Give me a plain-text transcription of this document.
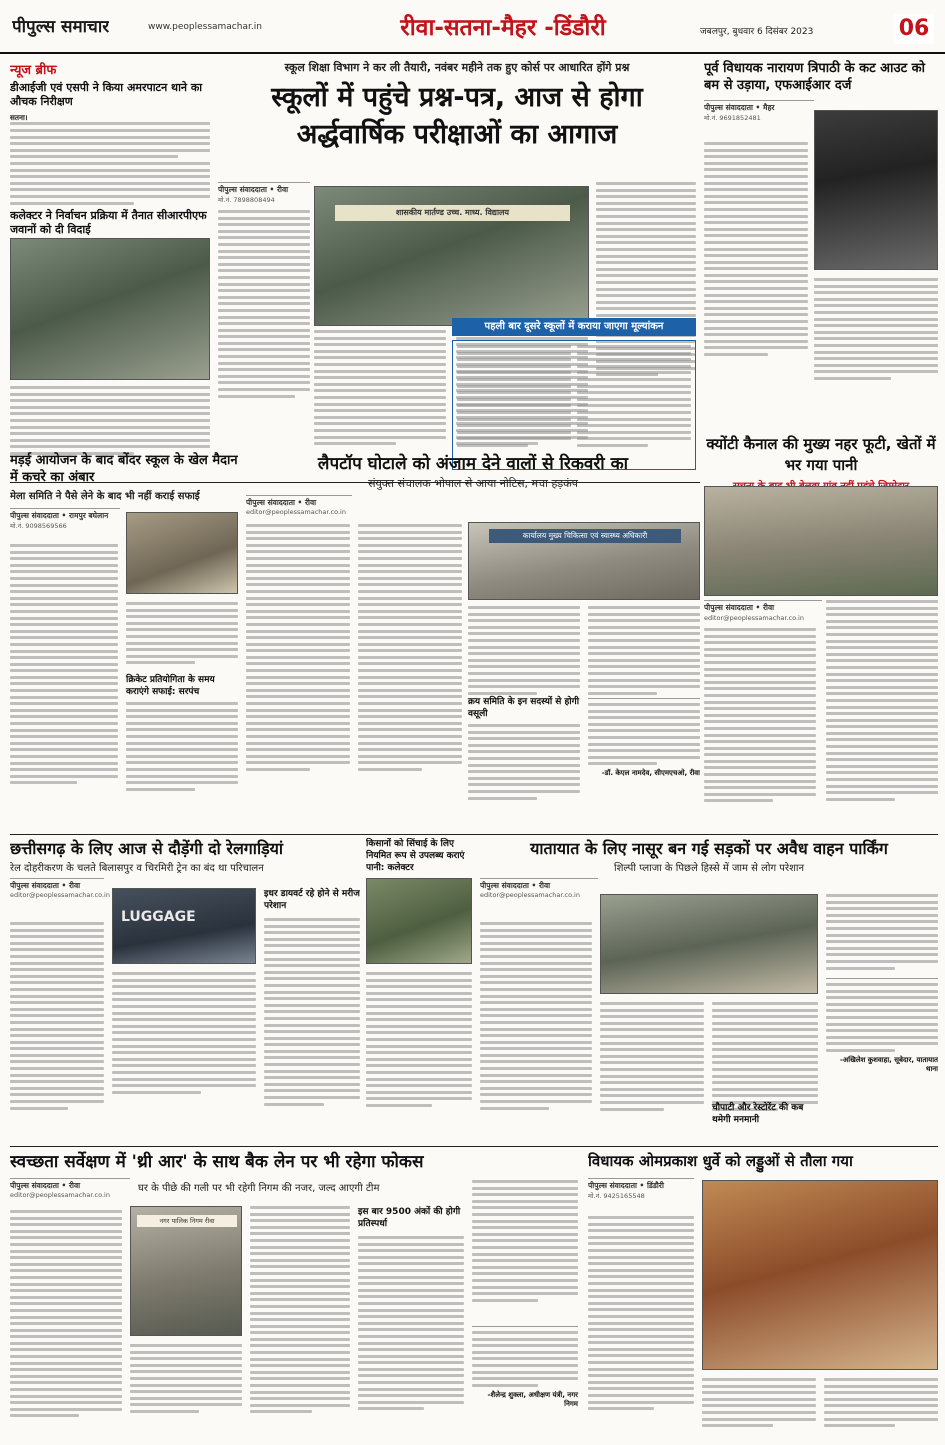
पीपुल्स समाचार	www.peoplessamachar.in	रीवा-सतना-मैहर -डिंडौरी	जबलपुर, बुधवार 6 दिसंबर 2023	06
न्यूज ब्रीफ
डीआईजी एवं एसपी ने किया अमरपाटन थाने का औचक निरीक्षण
सतना।
कलेक्टर ने निर्वाचन प्रक्रिया में तैनात सीआरपीएफ जवानों को दी विदाई
स्कूल शिक्षा विभाग ने कर ली तैयारी, नवंबर महीने तक हुए कोर्स पर आधारित होंगे प्रश्न
स्कूलों में पहुंचे प्रश्न-पत्र, आज से होगा अर्द्धवार्षिक परीक्षाओं का आगाज
पीपुल्स संवाददाता • रीवा
मो.नं. 7898808494
शासकीय मार्तण्ड उच्च. माध्य. विद्यालय
पहली बार दूसरे स्कूलों में कराया जाएगा मूल्यांकन
पूर्व विधायक नारायण त्रिपाठी के कट आउट को बम से उड़ाया, एफआईआर दर्ज
पीपुल्स संवाददाता • मैहर
मो.नं. 9691852481
क्योंटी कैनाल की मुख्य नहर फूटी, खेतों में भर गया पानी
पीपुल्स संवाददाता • रीवा
editor@peoplessamachar.co.in
मड़ई आयोजन के बाद बोंदर स्कूल के खेल मैदान में कचरे का अंबार
मेला समिति ने पैसे लेने के बाद भी नहीं कराई सफाई
पीपुल्स संवाददाता • रामपुर बघेलान
मो.नं. 9098569566
क्रिकेट प्रतियोगिता के समय कराएंगे सफाई: सरपंच
लैपटॉप घोटाले को अंजाम देने वालों से रिकवरी का
संयुक्त संचालक भोपाल से आया नोटिस, मचा हड़कंप
पीपुल्स संवाददाता • रीवा
editor@peoplessamachar.co.in
कार्यालय मुख्य चिकित्सा एवं स्वास्थ्य अधिकारी
क्रय समिति के इन सदस्यों से होगी वसूली
-डॉ. केएल नामदेव, सीएमएचओ, रीवा
छत्तीसगढ़ के लिए आज से दौड़ेंगी दो रेलगाड़ियां
रेल दोहरीकरण के चलते बिलासपुर व चिरमिरी ट्रेन का बंद था परिचालन
पीपुल्स संवाददाता • रीवा
editor@peoplessamachar.co.in
LUGGAGE
इधर डायवर्ट रहे होने से मरीज परेशान
किसानों को सिंचाई के लिए नियमित रूप से उपलब्ध कराएं पानी: कलेक्टर
यातायात के लिए नासूर बन गई सड़कों पर अवैध वाहन पार्किंग
शिल्पी प्लाजा के पिछले हिस्से में जाम से लोग परेशान
पीपुल्स संवाददाता • रीवा
editor@peoplessamachar.co.in
चौपाटी और रेस्टोरेंट की कब थमेगी मनमानी
-अखिलेश कुशवाहा, सूबेदार, यातायात थाना
स्वच्छता सर्वेक्षण में 'थ्री आर' के साथ बैक लेन पर भी रहेगा फोकस
पीपुल्स संवाददाता • रीवा
editor@peoplessamachar.co.in
घर के पीछे की गली पर भी रहेगी निगम की नजर, जल्द आएगी टीम
नगर पालिक निगम रीवा
इस बार 9500 अंकों की होगी प्रतिस्पर्धा
-शैलेन्द्र शुक्ला, अधीक्षण यंत्री, नगर निगम
विधायक ओमप्रकाश धुर्वे को लड्डुओं से तौला गया
पीपुल्स संवाददाता • डिंडौरी
मो.नं. 9425165548
